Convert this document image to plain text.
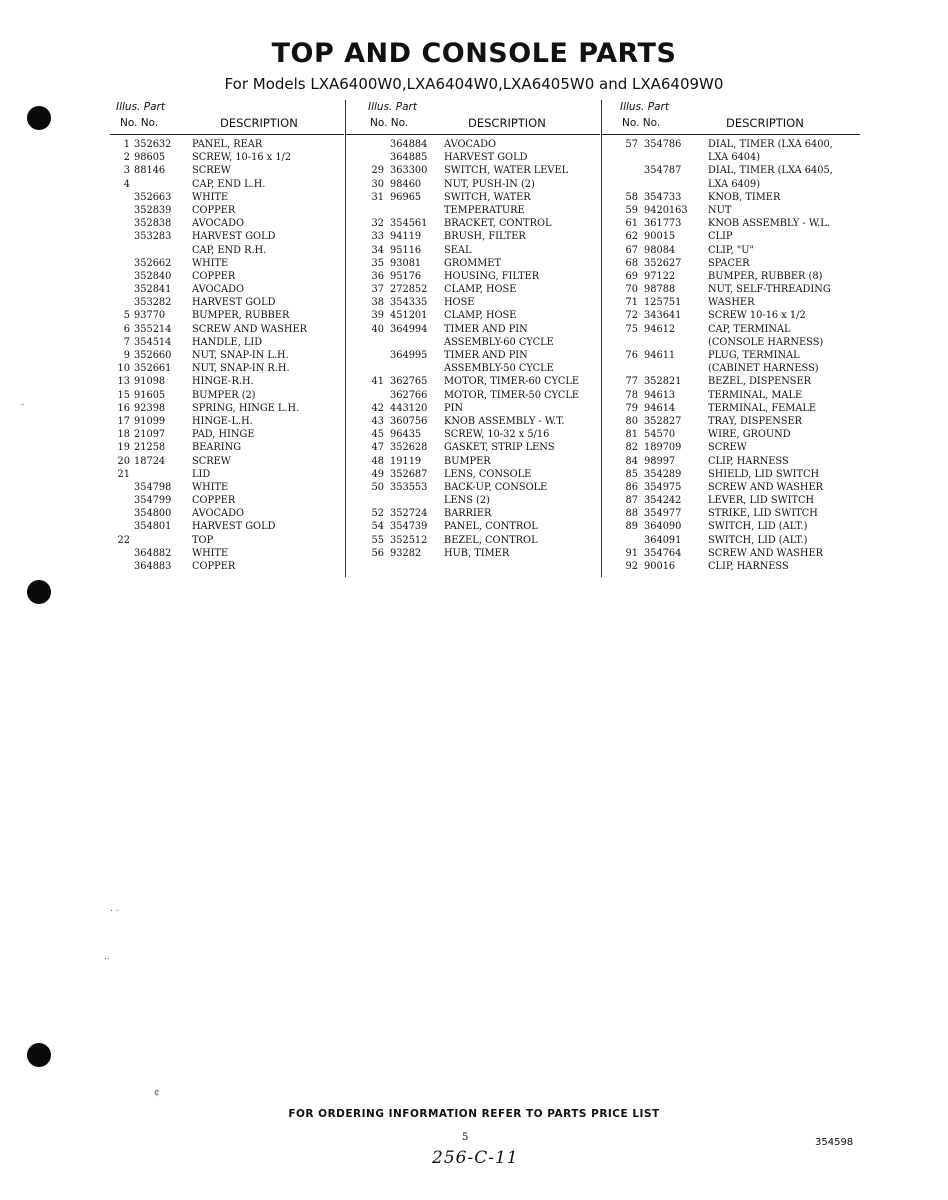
TOP AND CONSOLE PARTS

For Models LXA6400W0,LXA6404W0,LXA6405W0 and LXA6409W0

Illus. Part
No. No.	DESCRIPTION
1 352632 PANEL, REAR
2 98605	SCREW, 10-16 x 1/2
3 88146	SCREW
4	CAP, END L.H.
352663 WHITE
352839 COPPER
352838 AVOCADO
353283 HARVEST GOLD
CAP, END R.H.
352662 WHITE
352840 COPPER
352841 AVOCADO
353282 HARVEST GOLD
5 93770	BUMPER, RUBBER
6 355214 SCREW AND WASHER
7 354514 HANDLE, LID
9 352660 NUT, SNAP-IN L.H.
10 352661 NUT, SNAP-IN R.H.
13 91098	HINGE-R.H.
15 91605	BUMPER (2)
16 92398	SPRING, HINGE L.H.
17 91099	HINGE-L.H.
18 21097	PAD, HINGE
19 21258	BEARING
20 18724	SCREW
21	LID
354798 WHITE
354799 COPPER
354800 AVOCADO
354801 HARVEST GOLD
22	TOP
364882 WHITE
364883 COPPER
Illus. Part
No. No.	DESCRIPTION
364884 AVOCADO
364885 HARVEST GOLD
29 363300 SWITCH, WATER LEVEL
30 98460 NUT, PUSH-IN (2)
31 96965 SWITCH, WATER
TEMPERATURE
32 354561 BRACKET, CONTROL
33 94119 BRUSH, FILTER
34 95116 SEAL
35 93081 GROMMET
36 95176 HOUSING, FILTER
37 272852 CLAMP, HOSE
38 354335 HOSE
39 451201 CLAMP, HOSE
40 364994 TIMER AND PIN
ASSEMBLY-60 CYCLE
364995 TIMER AND PIN
ASSEMBLY-50 CYCLE
41 362765 MOTOR, TIMER-60 CYCLE
362766 MOTOR, TIMER-50 CYCLE
42 443120 PIN
43 360756 KNOB ASSEMBLY - W.T.
45 96435 SCREW, 10-32 x 5/16
47 352628 GASKET, STRIP LENS
48 19119 BUMPER
49 352687 LENS, CONSOLE
50 353553 BACK-UP, CONSOLE
LENS (2)
52 352724 BARRIER
54 354739 PANEL, CONTROL
55 352512 BEZEL, CONTROL
56 93282 HUB, TIMER
Illus. Part
No. No.	DESCRIPTION
57 354786	DIAL, TIMER (LXA 6400,
LXA 6404)
354787	DIAL, TIMER (LXA 6405,
LXA 6409)
58 354733	KNOB, TIMER
59 9420163 NUT
61 361773	KNOB ASSEMBLY - W.L.
62 90015	CLIP
67 98084	CLIP, "U"
68 352627	SPACER
69 97122	BUMPER, RUBBER (8)
70 98788	NUT, SELF-THREADING
71 125751	WASHER
72 343641	SCREW 10-16 x 1/2
75 94612	CAP, TERMINAL
(CONSOLE HARNESS)
76 94611	PLUG, TERMINAL
(CABINET HARNESS)
77 352821	BEZEL, DISPENSER
78 94613	TERMINAL, MALE
79 94614	TERMINAL, FEMALE
80 352827	TRAY, DISPENSER
81 54570	WIRE, GROUND
82 189709	SCREW
84 98997	CLIP, HARNESS
85 354289	SHIELD, LID SWITCH
86 354975	SCREW AND WASHER
87 354242	LEVER, LID SWITCH
88 354977	STRIKE, LID SWITCH
89 364090	SWITCH, LID (ALT.)
364091	SWITCH, LID (ALT.)
91 354764	SCREW AND WASHER
92 90016	CLIP, HARNESS
FOR ORDERING INFORMATION REFER TO PARTS PRICE LIST
5	354598
256-C-11
-
. .
..
¢
